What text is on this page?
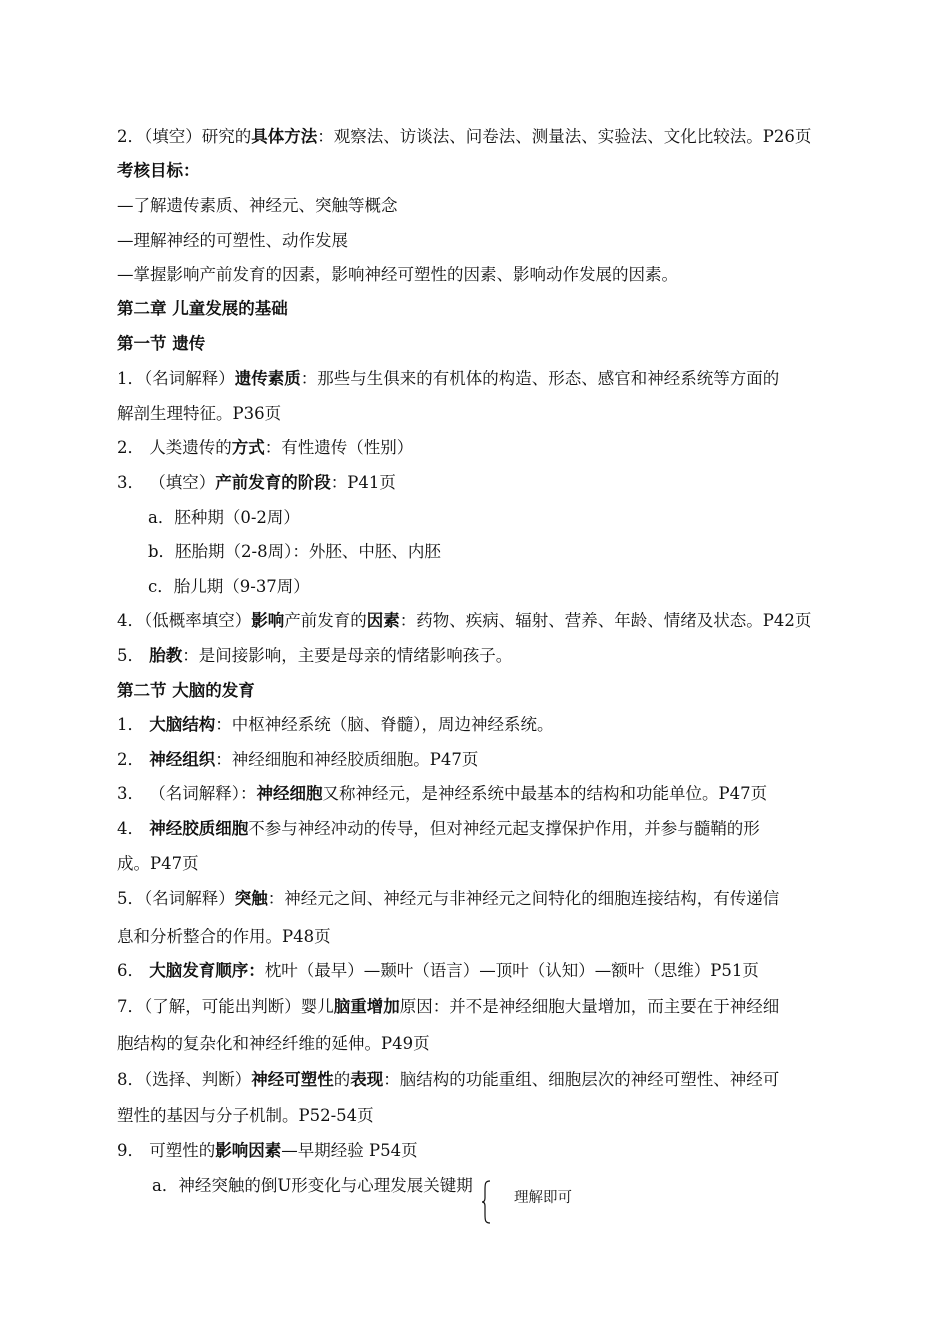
2．（填空）研究的具体方法：观察法、访谈法、问卷法、测量法、实验法、文化比较法。P26页
考核目标：
—了解遗传素质、神经元、突触等概念
—理解神经的可塑性、动作发展
—掌握影响产前发育的因素，影响神经可塑性的因素、影响动作发展的因素。
第二章 儿童发展的基础
第一节 遗传
1．（名词解释）遗传素质：那些与生俱来的有机体的构造、形态、感官和神经系统等方面的
解剖生理特征。P36页
2． 人类遗传的方式：有性遗传（性别）
3． （填空）产前发育的阶段：P41页
a．胚种期（0-2周）
b．胚胎期（2-8周）：外胚、中胚、内胚
c．胎儿期（9-37周）
4．（低概率填空）影响产前发育的因素：药物、疾病、辐射、营养、年龄、情绪及状态。P42页
5． 胎教：是间接影响，主要是母亲的情绪影响孩子。
第二节 大脑的发育
1． 大脑结构：中枢神经系统（脑、脊髓），周边神经系统。
2． 神经组织：神经细胞和神经胶质细胞。P47页
3． （名词解释）：神经细胞又称神经元，是神经系统中最基本的结构和功能单位。P47页
4． 神经胶质细胞不参与神经冲动的传导，但对神经元起支撑保护作用，并参与髓鞘的形
成。P47页
5．（名词解释）突触：神经元之间、神经元与非神经元之间特化的细胞连接结构，有传递信
息和分析整合的作用。P48页
6． 大脑发育顺序：枕叶（最早）—颞叶（语言）—顶叶（认知）—额叶（思维）P51页
7．（了解，可能出判断）婴儿脑重增加原因：并不是神经细胞大量增加，而主要在于神经细
胞结构的复杂化和神经纤维的延伸。P49页
8．（选择、判断）神经可塑性的表现：脑结构的功能重组、细胞层次的神经可塑性、神经可
塑性的基因与分子机制。P52-54页
9． 可塑性的影响因素—早期经验 P54页
a．神经突触的倒U形变化与心理发展关键期
理解即可
